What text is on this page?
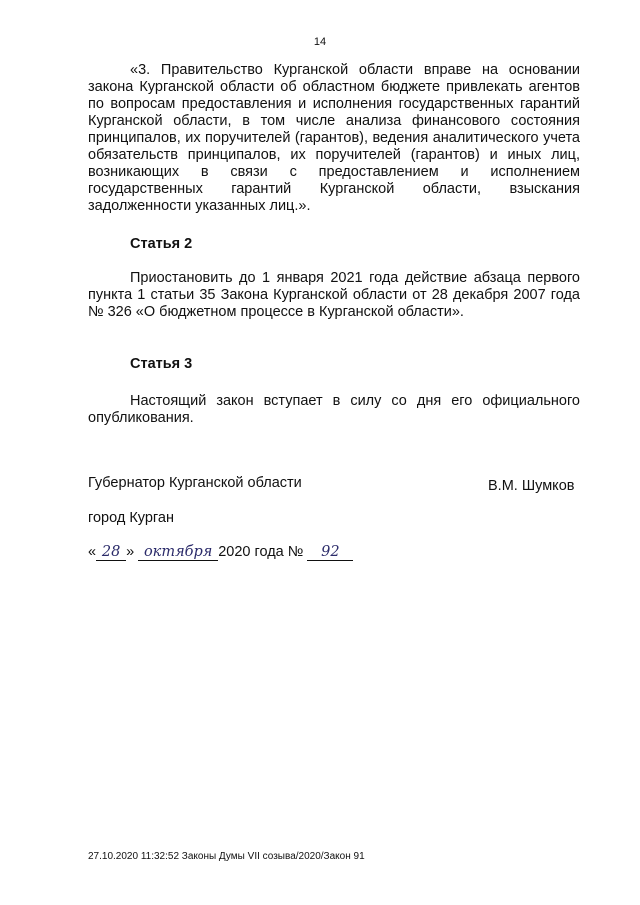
14

«3. Правительство Курганской области вправе на основании закона Курганской области об областном бюджете привлекать агентов по вопросам предоставления и исполнения государственных гарантий Курганской области, в том числе анализа финансового состояния принципалов, их поручителей (гарантов), ведения аналитического учета обязательств принципалов, их поручителей (гарантов) и иных лиц, возникающих в связи с предоставлением и исполнением государственных гарантий Курганской области, взыскания задолженности указанных лиц.».

Статья 2

Приостановить до 1 января 2021 года действие абзаца первого пункта 1 статьи 35 Закона Курганской области от 28 декабря 2007 года № 326 «О бюджетном процессе в Курганской области».

Статья 3

Настоящий закон вступает в силу со дня его официального опубликования.

Губернатор Курганской области	В.М. Шумков
город Курган
« 28 » октября 2020 года № 92
27.10.2020 11:32:52 Законы Думы VII созыва/2020/Закон 91
